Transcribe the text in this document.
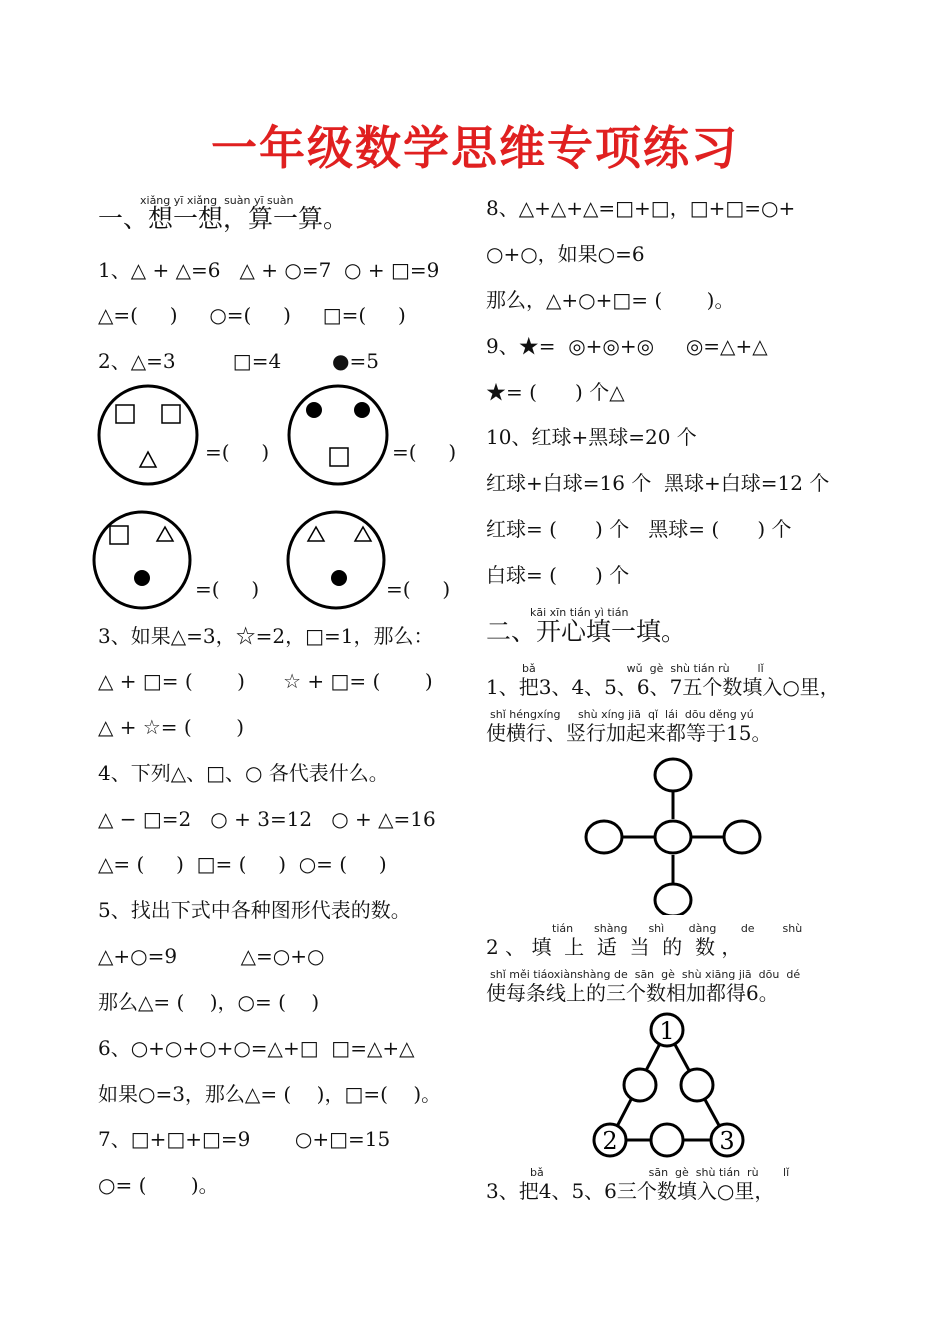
一年级数学思维专项练习
xiǎng yī xiǎng  suàn yī suàn
一、想一想，算一算。
1、△ + △=6   △ + ○=7  ○ + □=9
△=(     )     ○=(     )     □=(     )
2、△=3         □=4        ●=5
=(     )	=(     )
=(     )	=(     )
3、如果△=3，☆=2，□=1，那么：
△ + □= (       )      ☆ + □= (       )
△ + ☆= (       )
4、下列△、□、○ 各代表什么。
△ − □=2   ○ + 3=12   ○ + △=16
△= (     )  □= (     )  ○= (     )
5、找出下式中各种图形代表的数。
△+○=9          △=○+○
那么△= (    )，○= (    )
6、○+○+○+○=△+□  □=△+△
如果○=3，那么△= (    )，□=(    )。
7、□+□+□=9       ○+□=15
○= (       )。
8、△+△+△=□+□，□+□=○+
○+○，如果○=6
那么，△+○+□= (       )。
9、★=  ◎+◎+◎     ◎=△+△
★= (      ) 个△
10、红球+黑球=20 个
红球+白球=16 个  黑球+白球=12 个
红球= (      ) 个   黑球= (      ) 个
白球= (      ) 个
kāi xīn tián yì tián
二、开心填一填。
bǎ                          wǔ  gè  shù tián rù        lǐ
1、把3、4、5、6、7五个数填入○里，
shǐ héngxíng     shù xíng jiā  qǐ  lái  dōu děng yú
使横行、竖行加起来都等于15。
tián      shàng      shì       dàng       de        shù
2 、 填  上  适  当  的  数 ，
shǐ měi tiáoxiànshàng de  sān  gè  shù xiāng jiā  dōu  dé
使每条线上的三个数相加都得6。
1
2	3
bǎ                              sān  gè  shù tián  rù       lǐ
3、把4、5、6三个数填入○里，
